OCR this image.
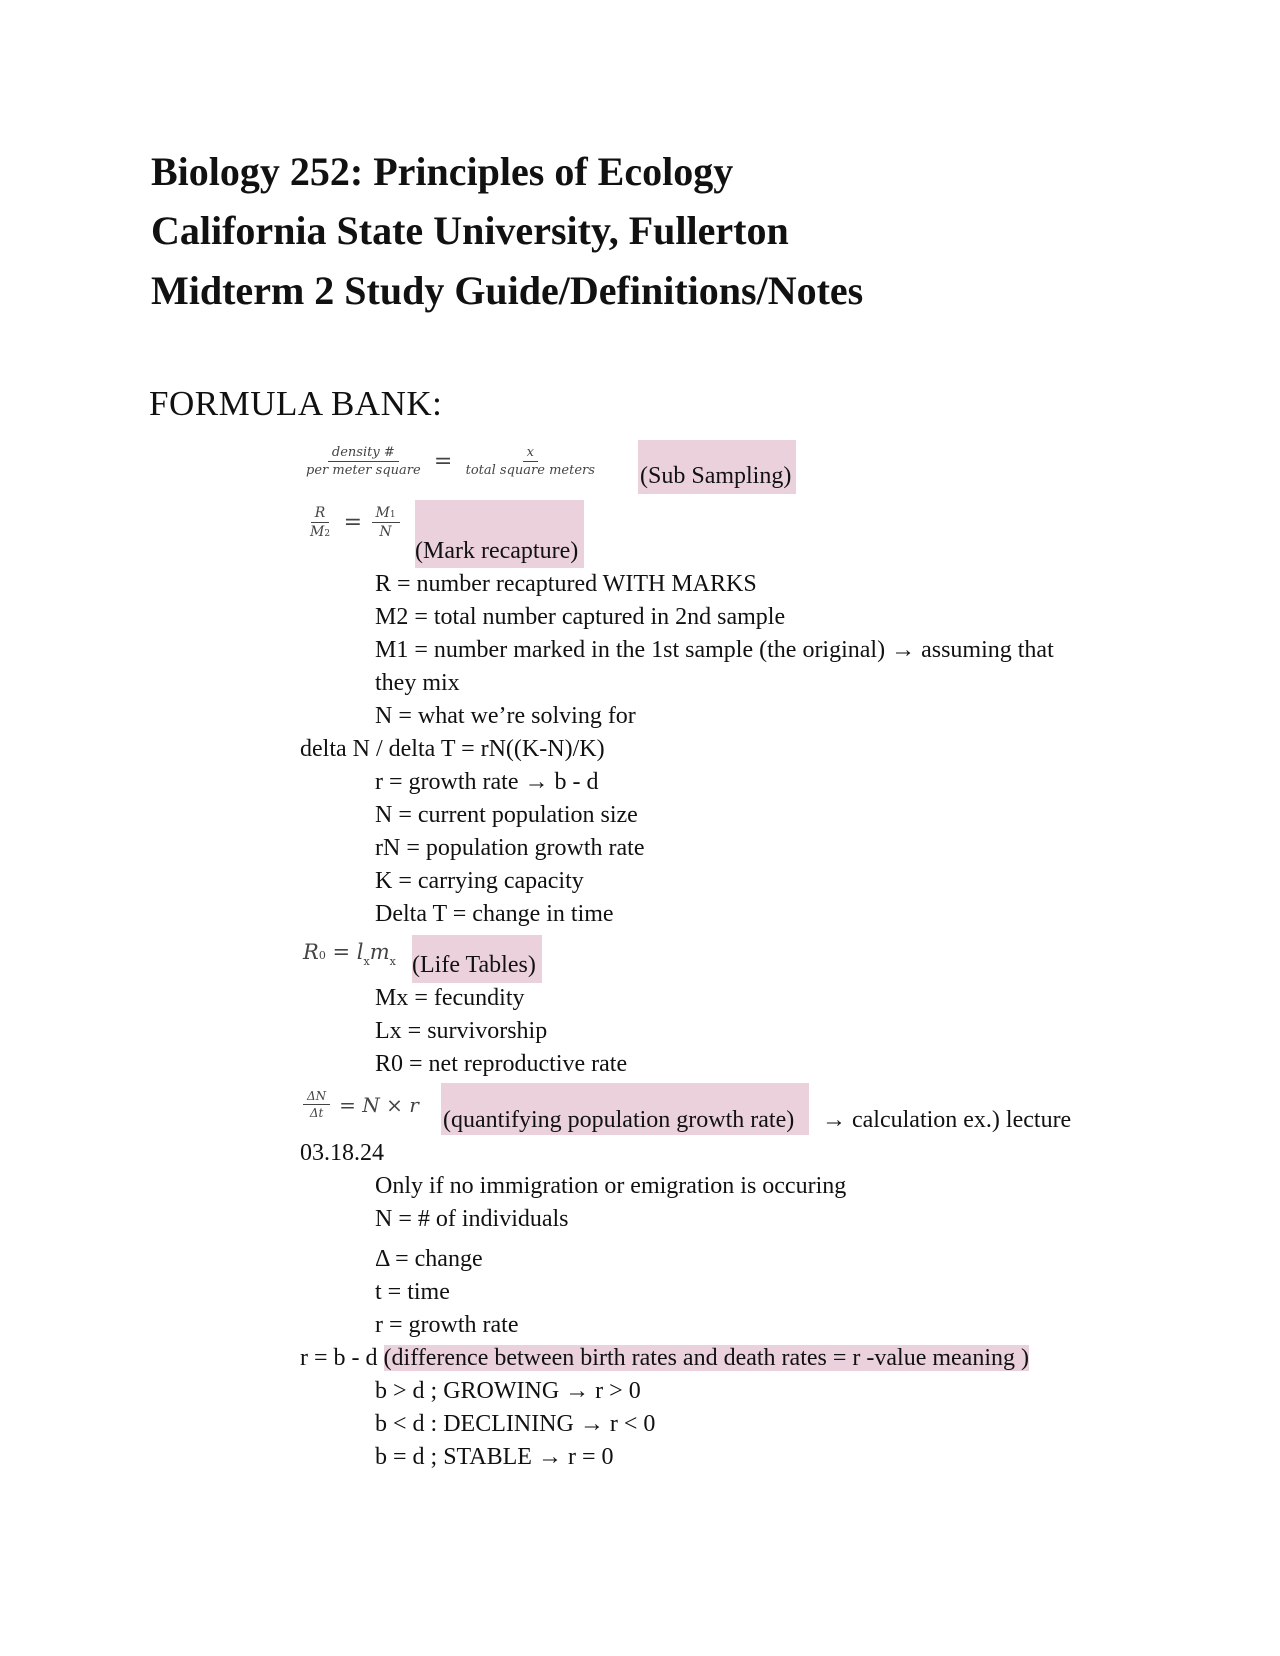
Biology 252: Principles of Ecology
California State University, Fullerton
Midterm 2 Study Guide/Definitions/Notes
FORMULA BANK:
$\frac{\text{density \#}}{\text{per meter square}} = \frac{x}{\text{total square meters}} (Sub$ Sampling)
$\frac{R}{M2} = \frac{M1}{N}$
(Mark recapture)
R = number recaptured WITH MARKS
M2 = total number captured in 2nd sample
M1 = number marked in the 1st sample (the original) → assuming that
they mix
N = what we’re solving for
delta N / delta T = rN((K-N)/K)
r = growth rate → b - d
N = current population size
rN = population growth rate
K = carrying capacity
Delta T = change in time
$R0 = l_xm_x$ (Life Tables)
Mx = fecundity
Lx = survivorship
R0 = net reproductive rate
$\frac{\Delta N}{\Delta t} = N \times r$
(quantifying population growth rate) → calculation ex.) lecture
03.18.24
Only if no immigration or emigration is occuring
N = # of individuals
Δ = change
t = time
r = growth rate
r = b - d (difference between birth rates and death rates = r -value meaning )
b > d ; GROWING → r > 0
b < d : DECLINING → r < 0
b = d ; STABLE → r = 0
